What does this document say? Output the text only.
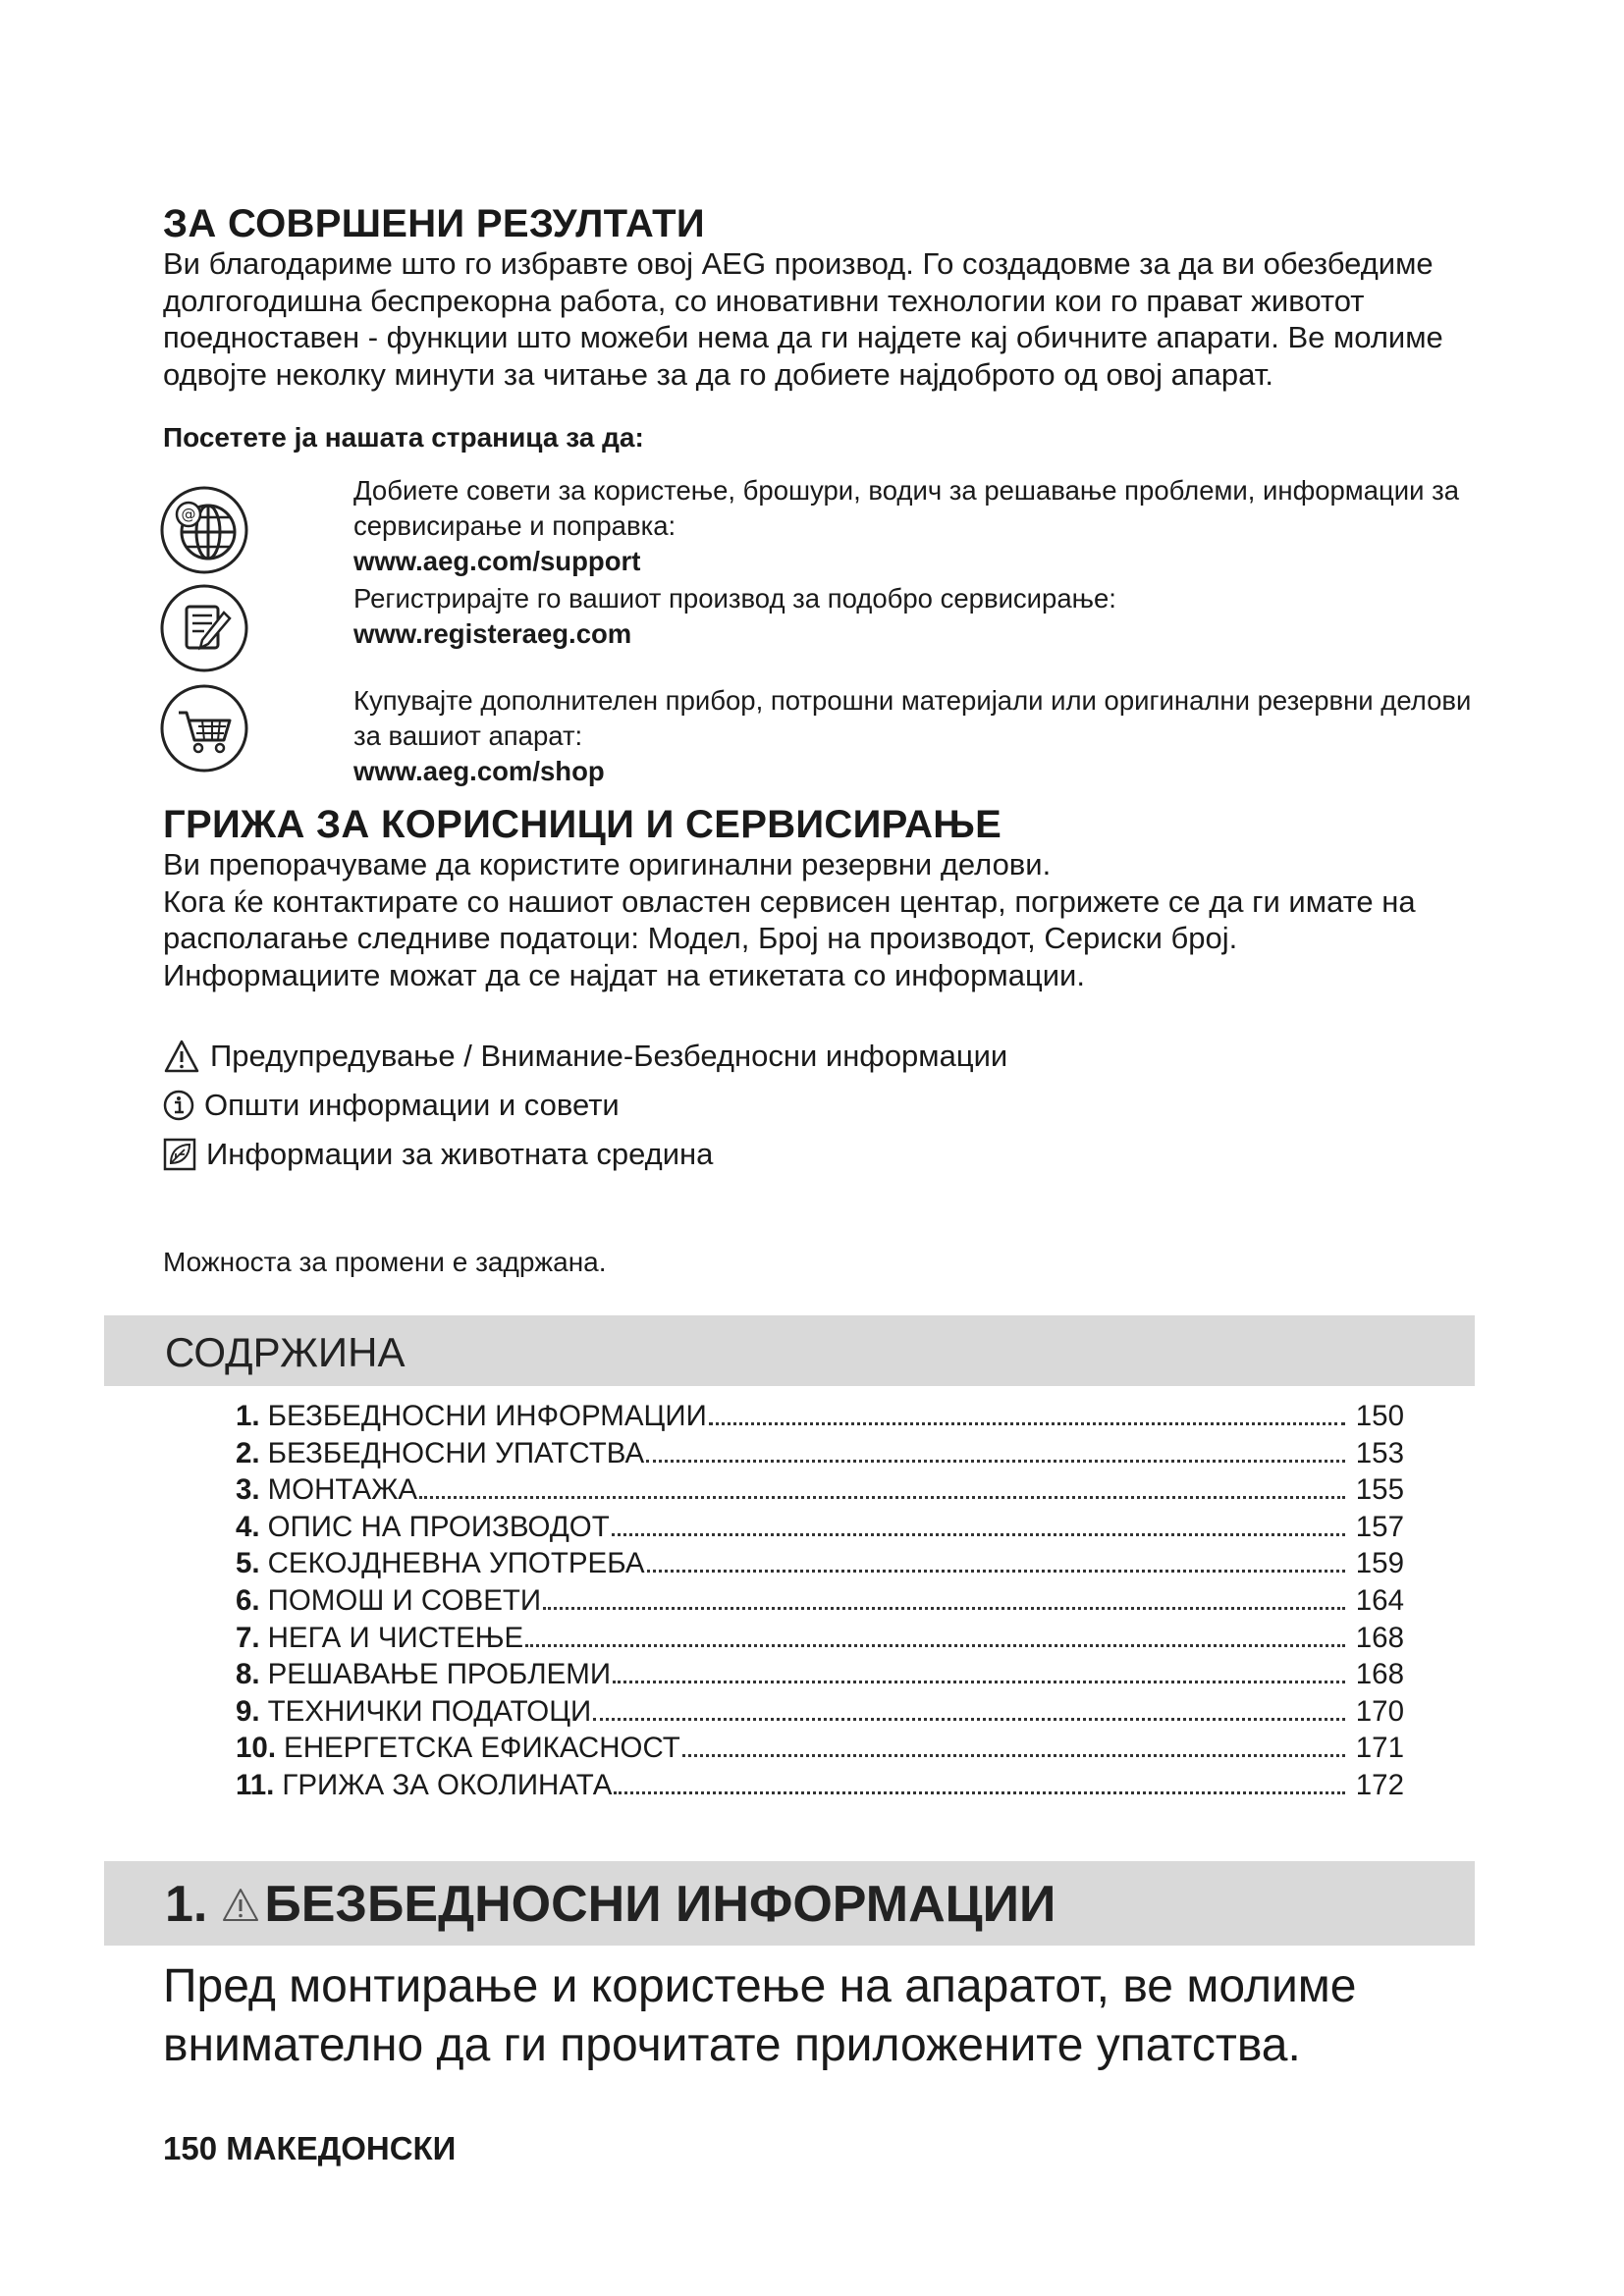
ЗА СОВРШЕНИ РЕЗУЛТАТИ
Ви благодариме што го избравте овој AEG производ. Го создадовме за да ви обезбедиме долгогодишна беспрекорна работа, со иновативни технологии кои го прават животот поедноставен - функции што можеби нема да ги најдете кај обичните апарати. Ве молиме одвојте неколку минути за читање за да го добиете најдоброто од овој апарат.
Посетете ја нашата страница за да:
@
Добиете совети за користење, брошури, водич за решавање проблеми, информации за сервисирање и поправка:
www.aeg.com/support
Регистрирајте го вашиот производ за подобро сервисирање:
www.registeraeg.com
Купувајте дополнителен прибор, потрошни материјали или оригинални резервни делови за вашиот апарат:
www.aeg.com/shop
ГРИЖА ЗА КОРИСНИЦИ И СЕРВИСИРАЊЕ

Ви препорачуваме да користите оригинални резервни делови.

Кога ќе контактирате со нашиот овластен сервисен центар, погрижете се да ги имате на располагање следниве податоци: Модел, Број на производот, Сериски број.

Информациите можат да се најдат на етикетата со информации.

Предупредување / Внимание-Безбедносни информации
Општи информации и совети
Информации за животната средина
Можноста за промени е задржана.
СОДРЖИНА
1. БЕЗБЕДНОСНИ ИНФОРМАЦИИ	150
2. БЕЗБЕДНОСНИ УПАТСТВА	153
3. МОНТАЖА	155
4. ОПИС НА ПРОИЗВОДОТ	157
5. СЕКОЈДНЕВНА УПОТРЕБА	159
6. ПОМОШ И СОВЕТИ	164
7. НЕГА И ЧИСТЕЊЕ	168
8. РЕШАВАЊЕ ПРОБЛЕМИ	168
9. ТЕХНИЧКИ ПОДАТОЦИ	170
10. ЕНЕРГЕТСКА ЕФИКАСНОСТ	171
11. ГРИЖА ЗА ОКОЛИНАТА	172
1. БЕЗБЕДНОСНИ ИНФОРМАЦИИ
Пред монтирање и користење на апаратот, ве молиме внимателно да ги прочитате приложените упатства.
150 МАКЕДОНСКИ
